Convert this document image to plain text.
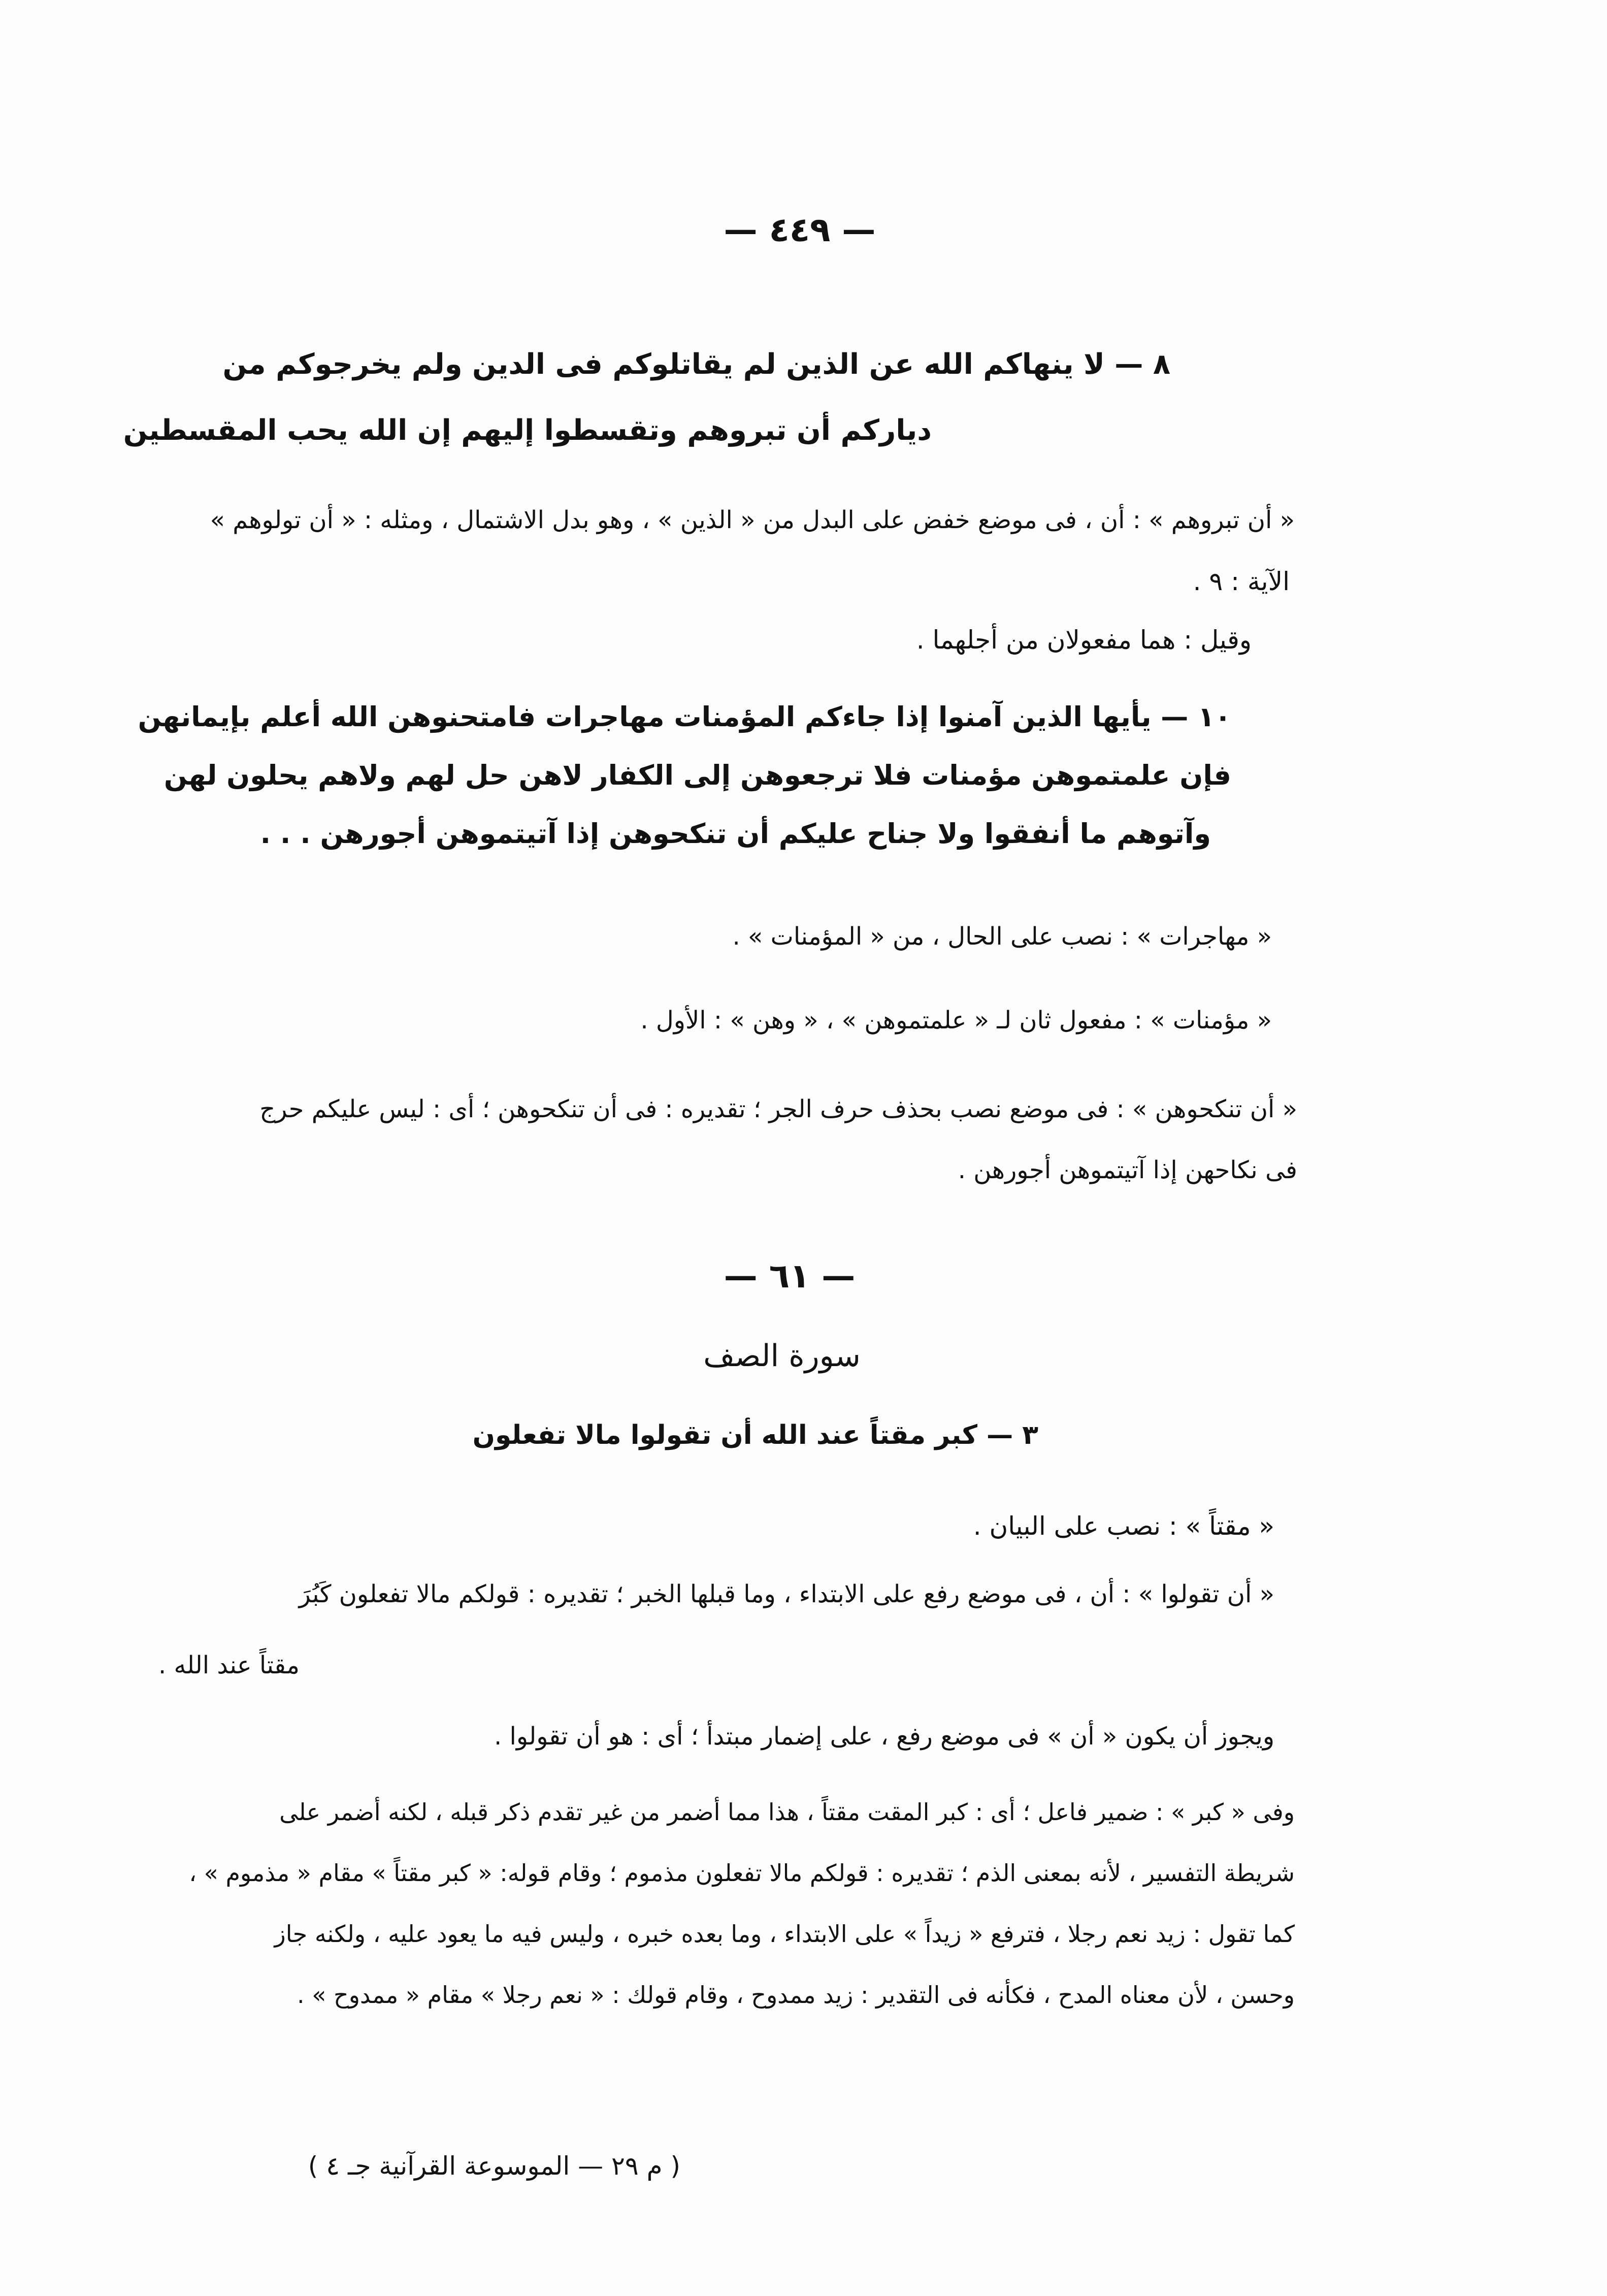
— ٤٤٩ —
٨ — لا ينهاكم الله عن الذين لم يقاتلوكم فى الدين ولم يخرجوكم من
دياركم أن تبروهم وتقسطوا إليهم إن الله يحب المقسطين
« أن تبروهم » : أن ، فى موضع خفض على البدل من « الذين » ، وهو بدل الاشتمال ، ومثله : « أن تولوهم »
الآية : ٩ .
وقيل : هما مفعولان من أجلهما .
١٠ — يأيها الذين آمنوا إذا جاءكم المؤمنات مهاجرات فامتحنوهن الله أعلم بإيمانهن
فإن علمتموهن مؤمنات فلا ترجعوهن إلى الكفار لاهن حل لهم ولاهم يحلون لهن
وآتوهم ما أنفقوا ولا جناح عليكم أن تنكحوهن إذا آتيتموهن أجورهن . . .
« مهاجرات » : نصب على الحال ، من « المؤمنات » .
« مؤمنات » : مفعول ثان لـ « علمتموهن » ، « وهن » : الأول .
« أن تنكحوهن » : فى موضع نصب بحذف حرف الجر ؛ تقديره : فى أن تنكحوهن ؛ أى : ليس عليكم حرج
فى نكاحهن إذا آتيتموهن أجورهن .
— ٦١ —
سورة الصف
٣ — كبر مقتاً عند الله أن تقولوا مالا تفعلون
« مقتاً » : نصب على البيان .
« أن تقولوا » : أن ، فى موضع رفع على الابتداء ، وما قبلها الخبر ؛ تقديره : قولكم مالا تفعلون كَبُرَ
مقتاً عند الله .
ويجوز أن يكون « أن » فى موضع رفع ، على إضمار مبتدأ ؛ أى : هو أن تقولوا .
وفى « كبر » : ضمير فاعل ؛ أى : كبر المقت مقتاً ، هذا مما أضمر من غير تقدم ذكر قبله ، لكنه أضمر على
شريطة التفسير ، لأنه بمعنى الذم ؛ تقديره : قولكم مالا تفعلون مذموم ؛ وقام قوله: « كبر مقتاً » مقام « مذموم » ،
كما تقول : زيد نعم رجلا ، فترفع « زيداً » على الابتداء ، وما بعده خبره ، وليس فيه ما يعود عليه ، ولكنه جاز
وحسن ، لأن معناه المدح ، فكأنه فى التقدير : زيد ممدوح ، وقام قولك : « نعم رجلا » مقام « ممدوح » .
( م ٢٩ — الموسوعة القرآنية جـ ٤ )
